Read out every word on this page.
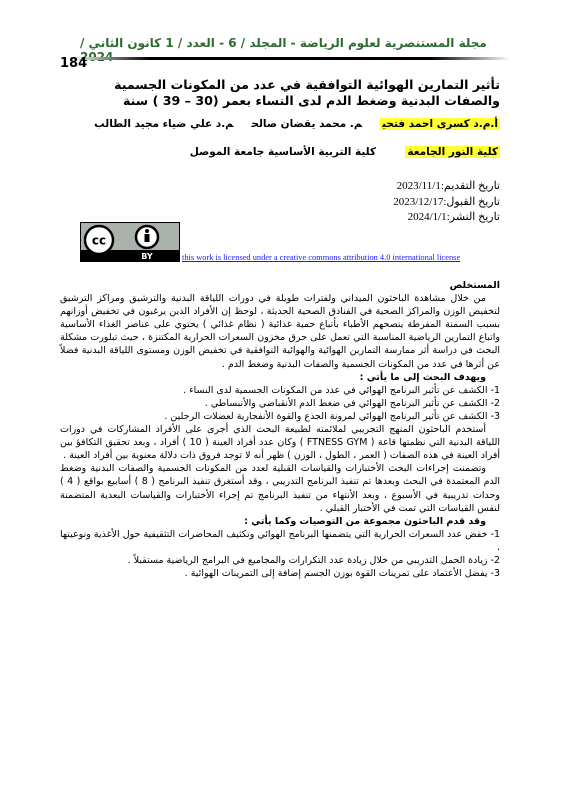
مجلة المستنصرية لعلوم الرياضة - المجلد / 6 - العدد / 1 كانون الثاني /
184
تأثير التمارين الهوائية التوافقية في عدد من المكونات الجسمية والصفات البدنية وضغط الدم لدى النساء بعمر (30 – 39 ) سنة
أ.م.د كسرى احمد فتحيم. محمد يقضان صالحم.د علي ضياء مجيد الطالب
كلية النور الجامعة
كلية التربية الأساسية جامعة الموصل
تاريخ التقديم:2023/11/1
تاريخ القبول:2023/12/17
تاريخ النشر:2024/1/1
cc
BY	this work is licensed under a creative commons attribution 4.0 international license

المستخلص

من خلال مشاهدة الباحثون الميداني ولفترات طويلة في دورات اللياقة البدنية والترشيق ومراكز الترشيق لتخفيض الوزن والمراكز الصحية في الفنادق الصحية الحديثة ، لوحظ إن الأفراد الذين يرغبون في تخفيض أوزانهم بسبب السمنة المفرطة ينصحهم الأطباء بأتباع حمية غذائية ( نظام غذائي ) يحتوي على عناصر الغذاء الأساسية واتباع التمارين الرياضية المناسبة التي تعمل على حرق مخزون السعرات الحرارية المكتنزة ، حيث تبلورت مشكلة البحث في دراسة أثر ممارسة التمارين الهوائية والهوائية التوافقية في تخفيض الوزن ومستوى اللياقة البدنية فضلاً عن أثرها في عدد من المكونات الجسمية والصفات البدنية وضغط الدم .

ويهدف البحث إلى ما يأتي :

1- الكشف عن تأثير البرنامج الهوائي في عدد من المكونات الجسمية لدى النساء .

2- الكشف عن تأثير البرنامج الهوائي في ضغط الدم الأنقباضي والأنبساطي .

3- الكشف عن تأثير البرنامج الهوائي لمرونة الجذع والقوة الأنفجارية لعضلات الرجلين .

أستخدم الباحثون المنهج التجريبي لملائمته لطبيعة البحث الذي أجرى على الأفراد المشاركات في دورات اللياقة البدنية التي نظمتها قاعة ( FTNESS GYM ) وكان عدد أفراد العينة ( 10 ) أفراد ، وبعد تحقيق التكافؤ بين أفراد العينة في هذه الصفات ( العمر ، الطول ، الوزن ) ظهر أنه لا توجد فروق ذات دلالة معنوية بين أفراد العينة .

وتضمنت إجراءات البحث الأختبارات والقياسات القبلية لعدد من المكونات الجسمية والصفات البدنية وضغط الدم المعتمدة في البحث وبعدها تم تنفيذ البرنامج التدريبي ، وقد أستغرق تنفيذ البرنامج ( 8 ) أسابيع بواقع ( 4 ) وحدات تدريبية في الأسبوع ، وبعد الأنتهاء من تنفيذ البرنامج تم إجراء الأختبارات والقياسات البعدية المتضمنة لنفس القياسات التي تمت في الأختبار القبلي .

وقد قدم الباحثون مجموعة من التوصيات وكما يأتي :

1- خفض عدد السعرات الحرارية التي يتضمنها البرنامج الهوائي وتكثيف المحاضرات التثقيفية حول الأغذية ونوعيتها .

2- زيادة الحمل التدريبي من خلال زيادة عدد التكرارات والمجاميع في البرامج الرياضية مستقبلاً .

3- يفضل الأعتماد على تمرينات القوة بوزن الجسم إضافة إلى التمرينات الهوائية .
